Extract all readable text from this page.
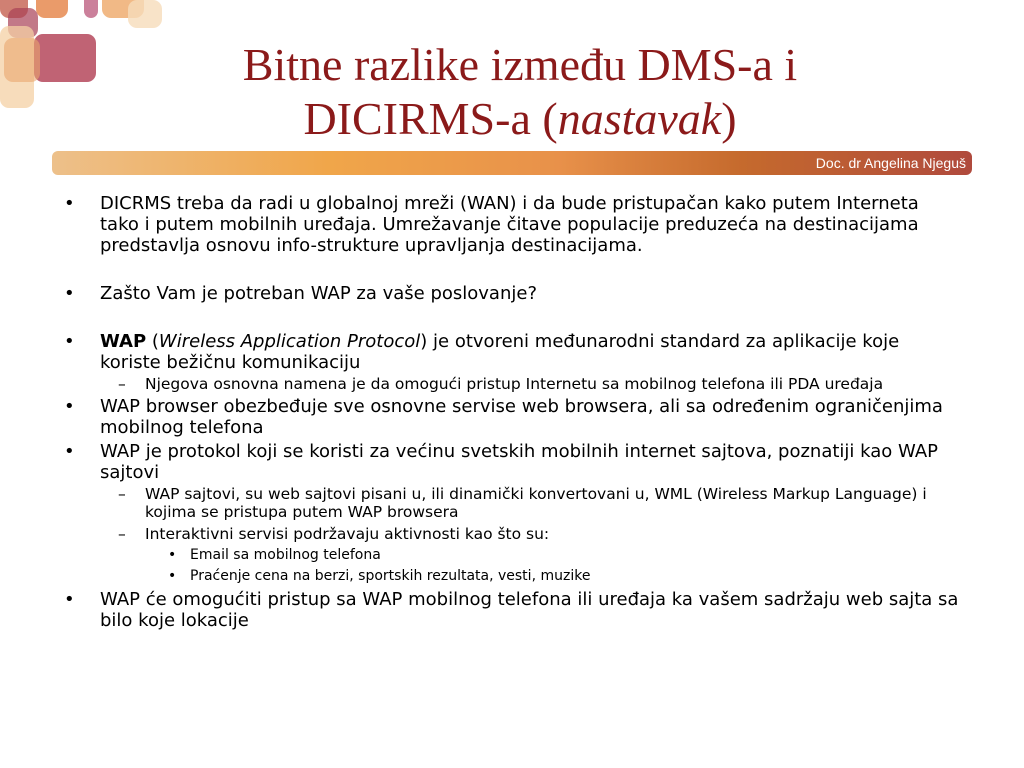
Bitne razlike između DMS-a i
DICIRMS-a (nastavak)
Doc. dr Angelina Njeguš
• DICRMS treba da radi u globalnoj mreži (WAN) i da bude pristupačan kako putem Interneta tako i putem mobilnih uređaja. Umrežavanje čitave populacije preduzeća na destinacijama predstavlja osnovu info-strukture upravljanja destinacijama.
• Zašto Vam je potreban WAP za vaše poslovanje?
• WAP (Wireless Application Protocol) je otvoreni međunarodni standard za aplikacije koje koriste bežičnu komunikaciju
– Njegova osnovna namena je da omogući pristup Internetu sa mobilnog telefona ili PDA uređaja
• WAP browser obezbeđuje sve osnovne servise web browsera, ali sa određenim ograničenjima mobilnog telefona
• WAP je protokol koji se koristi za većinu svetskih mobilnih internet sajtova, poznatiji kao WAP sajtovi
– WAP sajtovi, su web sajtovi pisani u, ili dinamički konvertovani u, WML (Wireless Markup Language) i kojima se pristupa putem WAP browsera
– Interaktivni servisi podržavaju aktivnosti kao što su:
• Email sa mobilnog telefona
• Praćenje cena na berzi, sportskih rezultata, vesti, muzike
• WAP će omogućiti pristup sa WAP mobilnog telefona ili uređaja ka vašem sadržaju web sajta sa bilo koje lokacije
